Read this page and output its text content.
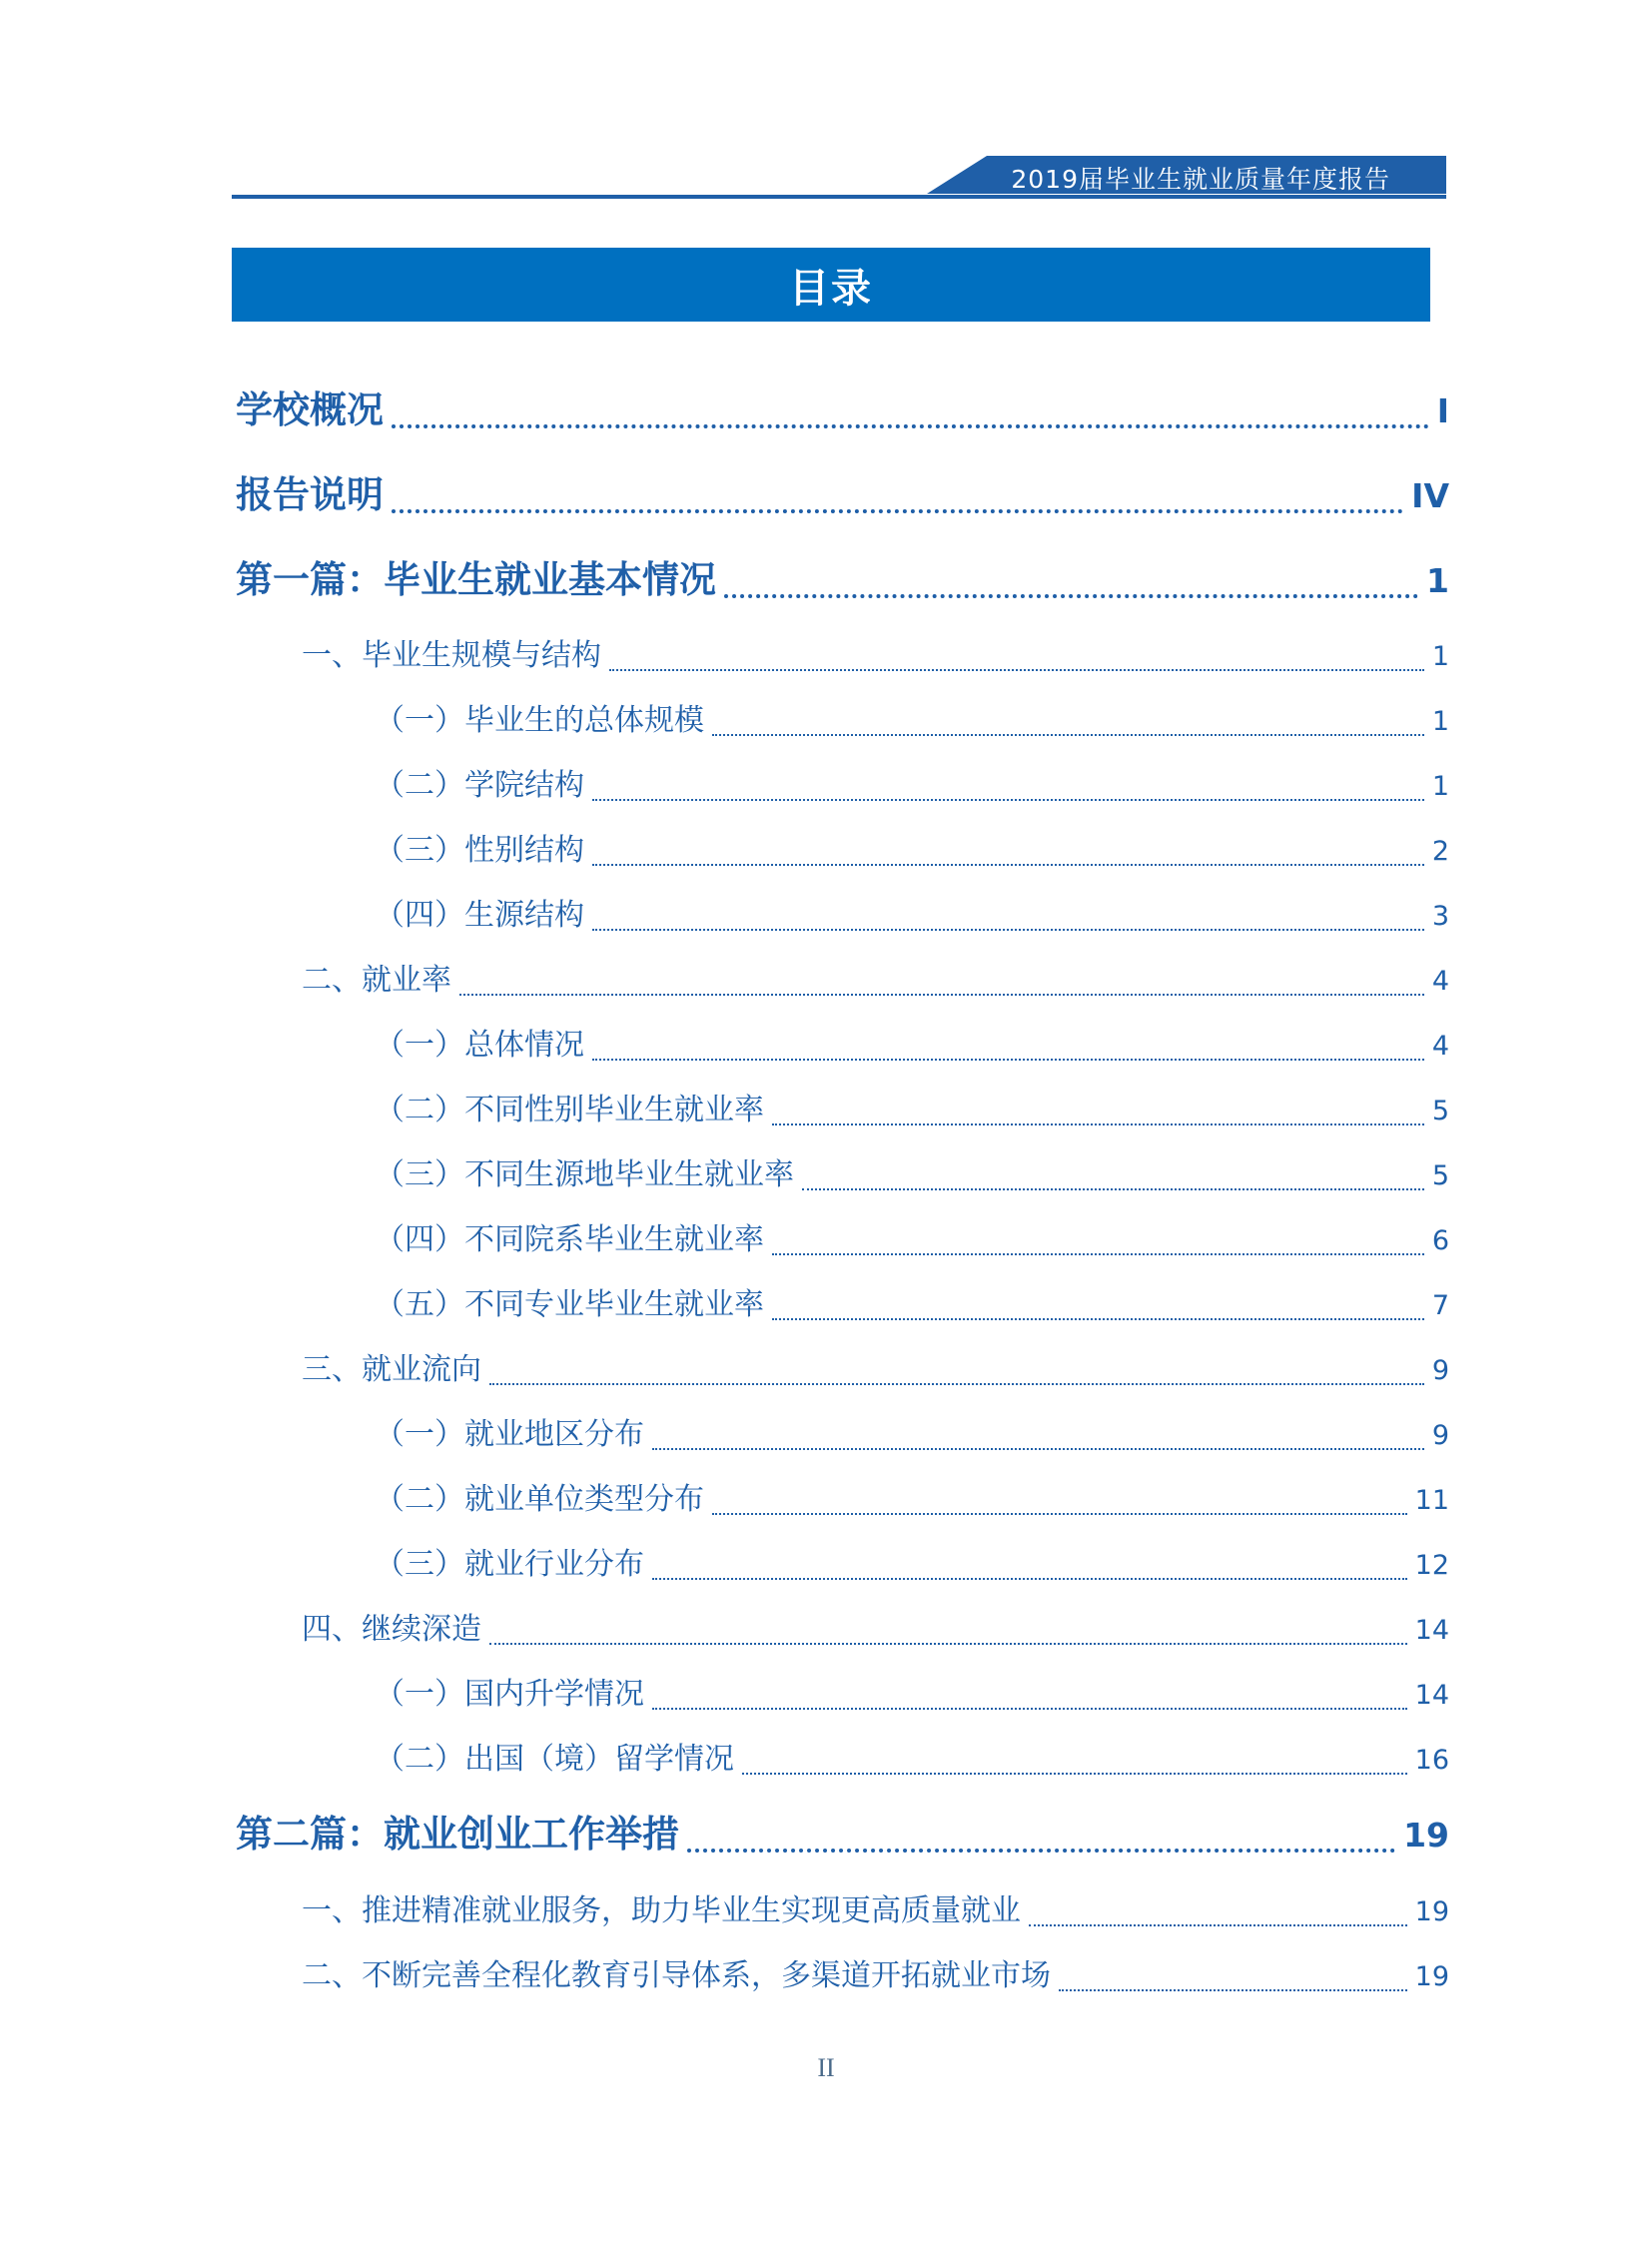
2019届毕业生就业质量年度报告
目录
学校概况	I
报告说明	IV
第一篇：毕业生就业基本情况	1
一、毕业生规模与结构	1
（一）毕业生的总体规模	1
（二）学院结构	1
（三）性别结构	2
（四）生源结构	3
二、就业率	4
（一）总体情况	4
（二）不同性别毕业生就业率	5
（三）不同生源地毕业生就业率	5
（四）不同院系毕业生就业率	6
（五）不同专业毕业生就业率	7
三、就业流向	9
（一）就业地区分布	9
（二）就业单位类型分布	11
（三）就业行业分布	12
四、继续深造	14
（一）国内升学情况	14
（二）出国（境）留学情况	16
第二篇：就业创业工作举措	19
一、推进精准就业服务，助力毕业生实现更高质量就业	19
二、不断完善全程化教育引导体系，多渠道开拓就业市场	19
II
